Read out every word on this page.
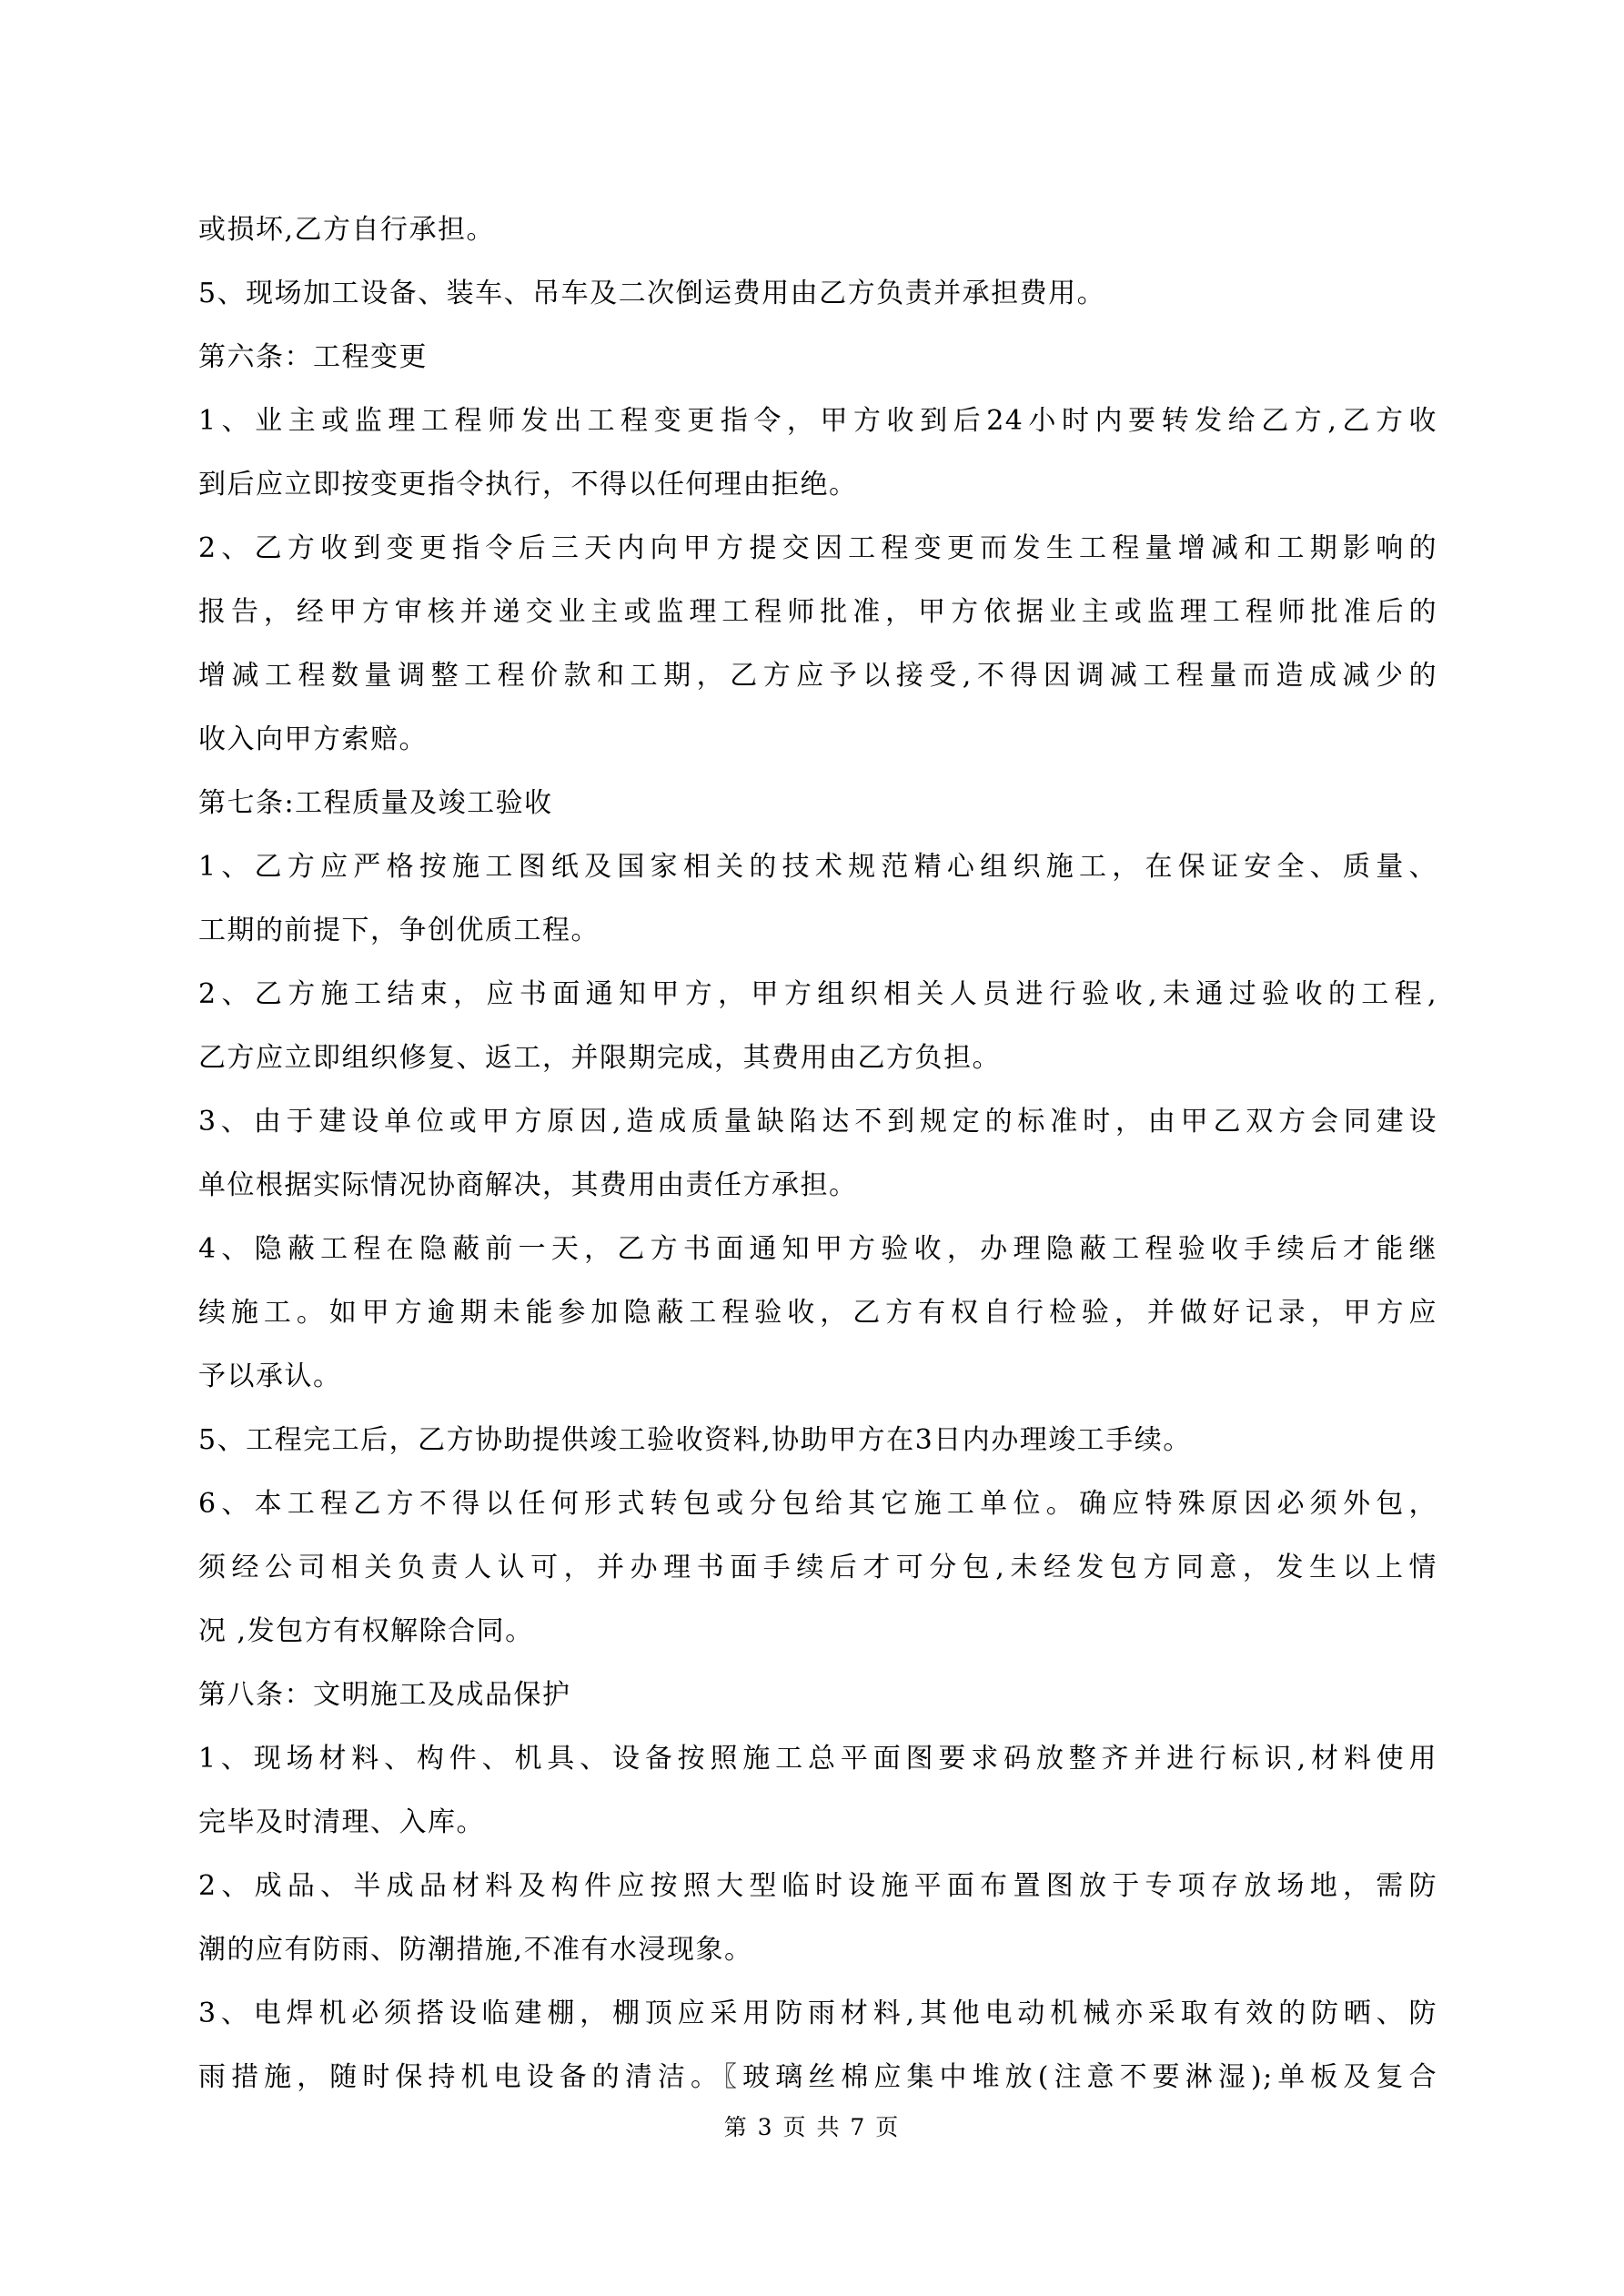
或损坏,乙方自行承担。
5、现场加工设备、装车、吊车及二次倒运费用由乙方负责并承担费用。
第六条：工程变更
1、业主或监理工程师发出工程变更指令，甲方收到后24小时内要转发给乙方,乙方收
到后应立即按变更指令执行，不得以任何理由拒绝。
2、乙方收到变更指令后三天内向甲方提交因工程变更而发生工程量增减和工期影响的
报告，经甲方审核并递交业主或监理工程师批准，甲方依据业主或监理工程师批准后的
增减工程数量调整工程价款和工期，乙方应予以接受,不得因调减工程量而造成减少的
收入向甲方索赔。
第七条:工程质量及竣工验收
1、乙方应严格按施工图纸及国家相关的技术规范精心组织施工，在保证安全、质量、
工期的前提下，争创优质工程。
2、乙方施工结束，应书面通知甲方，甲方组织相关人员进行验收,未通过验收的工程,
乙方应立即组织修复、返工，并限期完成，其费用由乙方负担。
3、由于建设单位或甲方原因,造成质量缺陷达不到规定的标准时，由甲乙双方会同建设
单位根据实际情况协商解决，其费用由责任方承担。
4、隐蔽工程在隐蔽前一天，乙方书面通知甲方验收，办理隐蔽工程验收手续后才能继
续施工。如甲方逾期未能参加隐蔽工程验收，乙方有权自行检验，并做好记录，甲方应
予以承认。
5、工程完工后，乙方协助提供竣工验收资料,协助甲方在3日内办理竣工手续。
6、本工程乙方不得以任何形式转包或分包给其它施工单位。确应特殊原因必须外包，
须经公司相关负责人认可，并办理书面手续后才可分包,未经发包方同意，发生以上情
况 ,发包方有权解除合同。
第八条：文明施工及成品保护
1、现场材料、构件、机具、设备按照施工总平面图要求码放整齐并进行标识,材料使用
完毕及时清理、入库。
2、成品、半成品材料及构件应按照大型临时设施平面布置图放于专项存放场地，需防
潮的应有防雨、防潮措施,不准有水浸现象。
3、电焊机必须搭设临建棚，棚顶应采用防雨材料,其他电动机械亦采取有效的防晒、防
雨措施，随时保持机电设备的清洁。〖玻璃丝棉应集中堆放(注意不要淋湿);单板及复合
第 3 页 共 7 页
